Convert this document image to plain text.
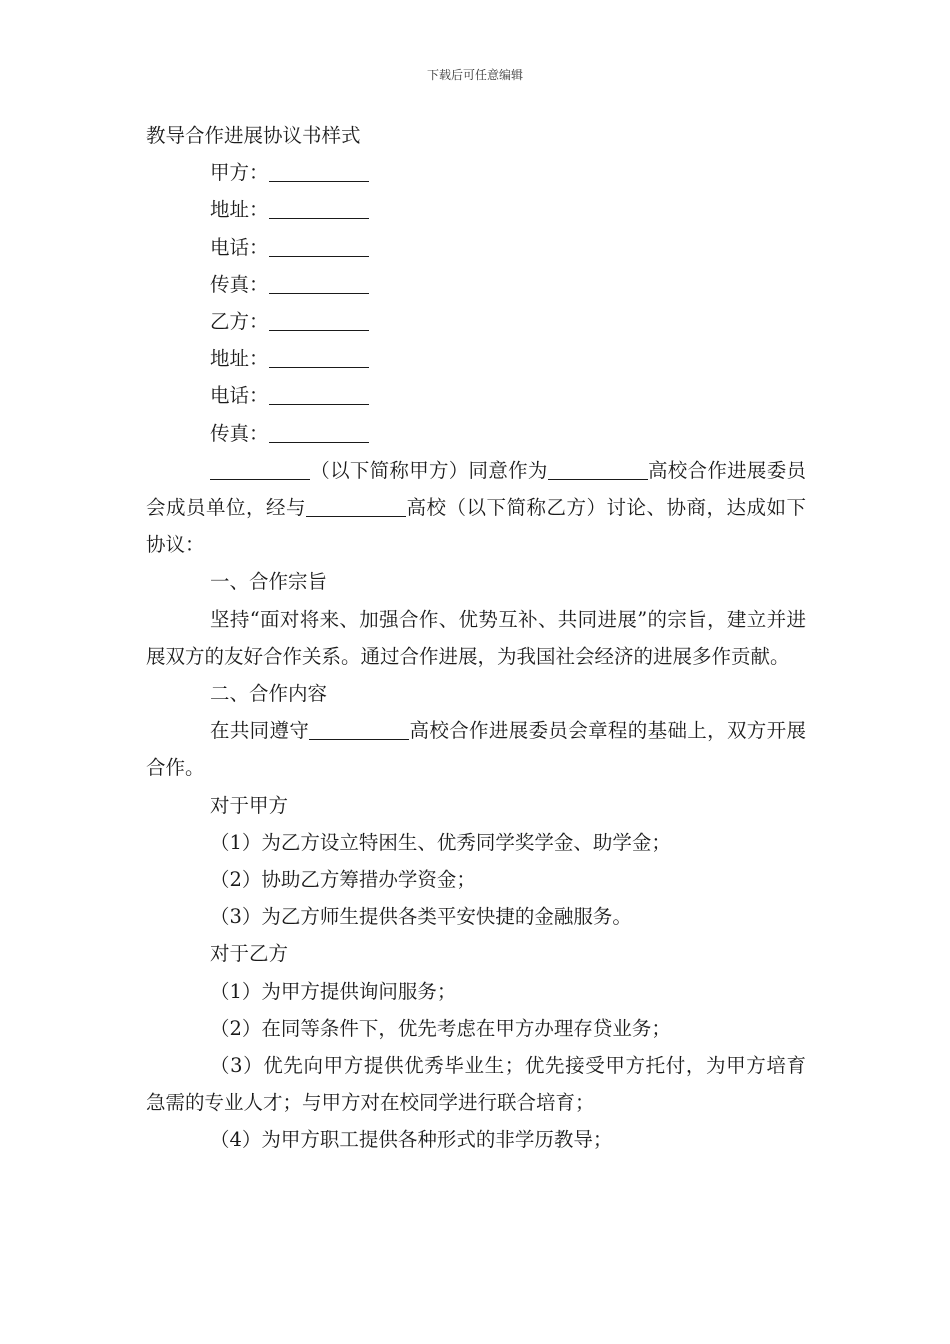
下载后可任意编辑
教导合作进展协议书样式
甲方：
地址：
电话：
传真：
乙方：
地址：
电话：
传真：
（以下简称甲方）同意作为	高校合作进展委员会成员单位，经与	高校（以下简称乙方）讨论、协商，达成如下协议：
一、合作宗旨
坚持“面对将来、加强合作、优势互补、共同进展”的宗旨，建立并进展双方的友好合作关系。通过合作进展，为我国社会经济的进展多作贡献。
二、合作内容
在共同遵守	高校合作进展委员会章程的基础上，双方开展合作。
对于甲方
（1）为乙方设立特困生、优秀同学奖学金、助学金；
（2）协助乙方筹措办学资金；
（3）为乙方师生提供各类平安快捷的金融服务。
对于乙方
（1）为甲方提供询问服务；
（2）在同等条件下，优先考虑在甲方办理存贷业务；
（3）优先向甲方提供优秀毕业生；优先接受甲方托付，为甲方培育急需的专业人才；与甲方对在校同学进行联合培育；
（4）为甲方职工提供各种形式的非学历教导；
